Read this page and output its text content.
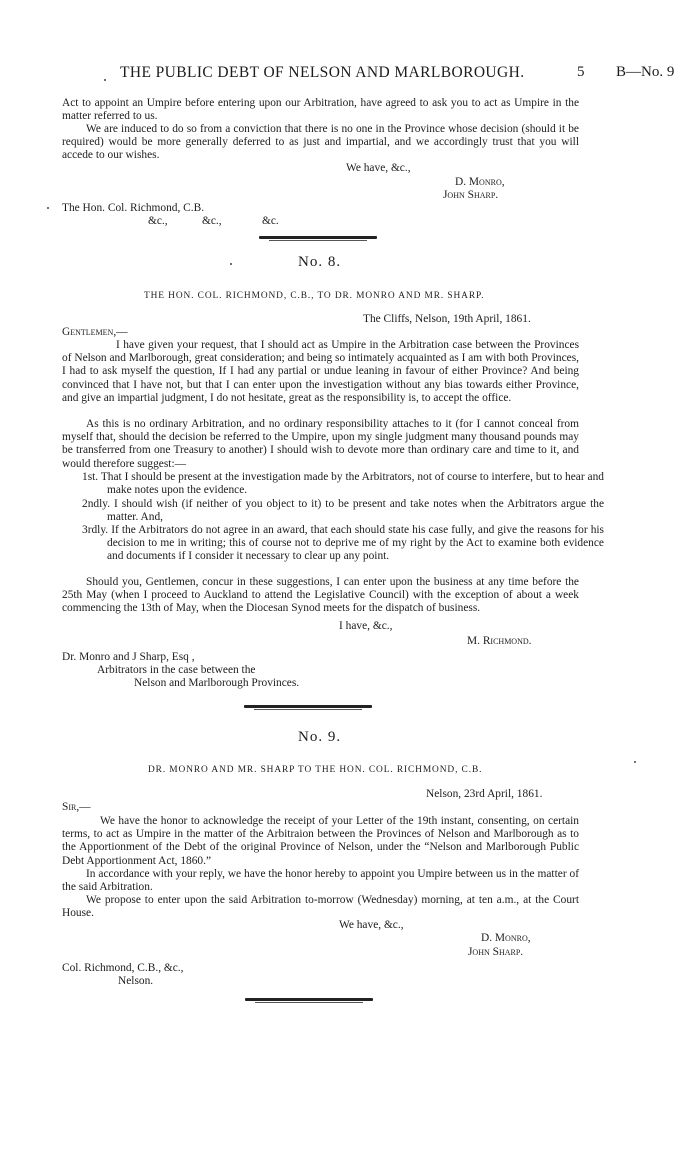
THE PUBLIC DEBT OF NELSON AND MARLBOROUGH.	5 B—No. 9
Act to appoint an Umpire before entering upon our Arbitration, have agreed to ask you to act as Umpire in the matter referred to us.
We are induced to do so from a conviction that there is no one in the Province whose decision (should it be required) would be more generally deferred to as just and impartial, and we accordingly trust that you will accede to our wishes.
We have, &c.,
D. Monro,
John Sharp.
The Hon. Col. Richmond, C.B.
&c.,	&c.,	&c.
No. 8.
THE HON. COL. RICHMOND, C.B., TO DR. MONRO AND MR. SHARP.
The Cliffs, Nelson, 19th April, 1861.
Gentlemen,—
I have given your request, that I should act as Umpire in the Arbitration case between the Provinces of Nelson and Marlborough, great consideration; and being so intimately acquainted as I am with both Provinces, I had to ask myself the question, If I had any partial or undue leaning in favour of either Province? And being convinced that I have not, but that I can enter upon the investigation without any bias towards either Province, and give an impartial judgment, I do not hesitate, great as the responsibility is, to accept the office.
As this is no ordinary Arbitration, and no ordinary responsibility attaches to it (for I cannot conceal from myself that, should the decision be referred to the Umpire, upon my single judgment many thousand pounds may be transferred from one Treasury to another) I should wish to devote more than ordinary care and time to it, and would therefore suggest:—
1st. That I should be present at the investigation made by the Arbitrators, not of course to interfere, but to hear and make notes upon the evidence.
2ndly. I should wish (if neither of you object to it) to be present and take notes when the Arbitrators argue the matter. And,
3rdly. If the Arbitrators do not agree in an award, that each should state his case fully, and give the reasons for his decision to me in writing; this of course not to deprive me of my right by the Act to examine both evidence and documents if I consider it necessary to clear up any point.
Should you, Gentlemen, concur in these suggestions, I can enter upon the business at any time before the 25th May (when I proceed to Auckland to attend the Legislative Council) with the exception of about a week commencing the 13th of May, when the Diocesan Synod meets for the dispatch of business.
I have, &c.,
M. Richmond.
Dr. Monro and J Sharp, Esq ,
Arbitrators in the case between the
Nelson and Marlborough Provinces.
No. 9.
DR. MONRO AND MR. SHARP TO THE HON. COL. RICHMOND, C.B.
Nelson, 23rd April, 1861.
Sir,—
We have the honor to acknowledge the receipt of your Letter of the 19th instant, consenting, on certain terms, to act as Umpire in the matter of the Arbitraion between the Provinces of Nelson and Marlborough as to the Apportionment of the Debt of the original Province of Nelson, under the “Nelson and Marlborough Public Debt Apportionment Act, 1860.”
In accordance with your reply, we have the honor hereby to appoint you Umpire between us in the matter of the said Arbitration.
We propose to enter upon the said Arbitration to-morrow (Wednesday) morning, at ten a.m., at the Court House.
We have, &c.,
D. Monro,
John Sharp.
Col. Richmond, C.B., &c.,
Nelson.
